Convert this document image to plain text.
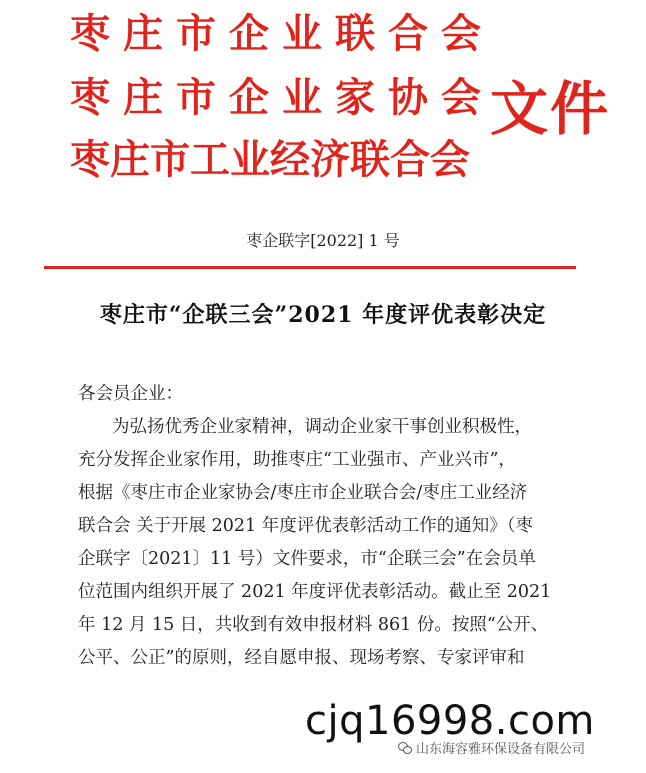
枣庄市企业联合会
枣庄市企业家协会
枣庄市工业经济联合会
文件
枣企联字[2022] 1 号
枣庄市“企联三会”2021 年度评优表彰决定

各会员企业：

为弘扬优秀企业家精神，调动企业家干事创业积极性，

充分发挥企业家作用，助推枣庄“工业强市、产业兴市”，

根据《枣庄市企业家协会/枣庄市企业联合会/枣庄工业经济

联合会 关于开展 2021 年度评优表彰活动工作的通知》（枣

企联字〔2021〕11 号）文件要求，市“企联三会”在会员单

位范围内组织开展了 2021 年度评优表彰活动。截止至 2021

年 12 月 15 日，共收到有效申报材料 861 份。按照“公开、

公平、公正”的原则，经自愿申报、现场考察、专家评审和

cjq16998.com
山东海容雅环保设备有限公司
